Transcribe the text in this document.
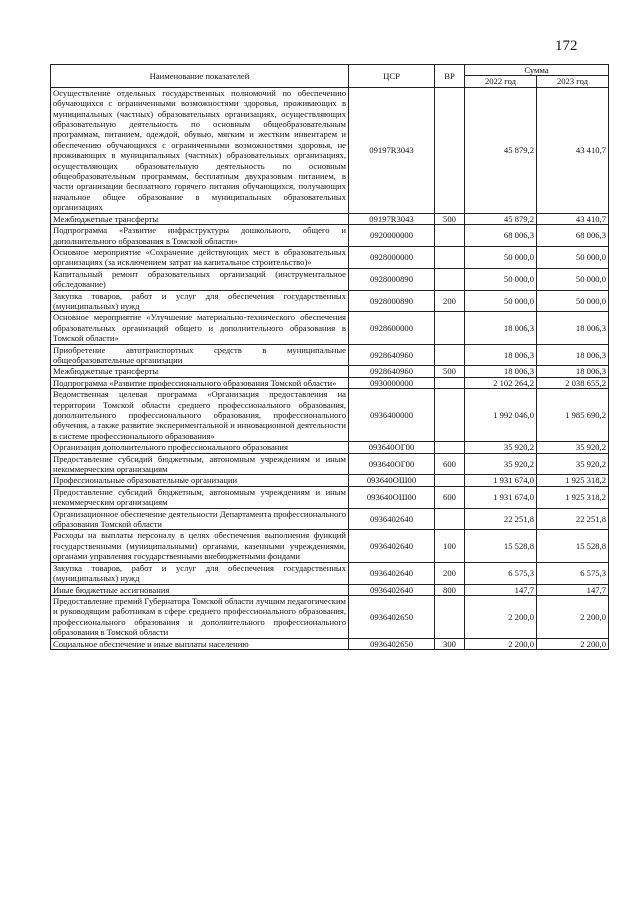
172
Наименование показателей	ЦСР	ВР	Сумма	
			2022 год	2023 год
Осуществление отдельных государственных полномочий по обеспечению обучающихся с ограниченными возможностями здоровья, проживающих в муниципальных (частных) образовательных организациях, осуществляющих образовательную деятельность по основным общеобразовательным программам, питанием, одеждой, обувью, мягким и жестким инвентарем и обеспечению обучающихся с ограниченными возможностями здоровья, не проживающих в муниципальных (частных) образовательных организациях, осуществляющих образовательную деятельность по основным общеобразовательным программам, бесплатным двухразовым питанием, в части организации бесплатного горячего питания обучающихся, получающих начальное общее образование в муниципальных образовательных организациях	09197R3043		45 879,2	43 410,7
Межбюджетные трансферты	09197R3043	500	45 879,2	43 410,7
Подпрограмма «Развитие инфраструктуры дошкольного, общего и дополнительного образования в Томской области»	0920000000		68 006,3	68 006,3
Основное мероприятие «Сохранение действующих мест в образовательных организациях (за исключением затрат на капитальное строительство)»	0928000000		50 000,0	50 000,0
Капитальный ремонт образовательных организаций (инструментальное обследование)	0928000890		50 000,0	50 000,0
Закупка товаров, работ и услуг для обеспечения государственных (муниципальных) нужд	0928000890	200	50 000,0	50 000,0
Основное мероприятие «Улучшение материально-технического обеспечения образовательных организаций общего и дополнительного образования в Томской области»	0928600000		18 006,3	18 006,3
Приобретение автотранспортных средств в муниципальные общеобразовательные организации	0928640960		18 006,3	18 006,3
Межбюджетные трансферты	0928640960	500	18 006,3	18 006,3
Подпрограмма «Развитие профессионального образования Томской области»	0930000000		2 102 264,2	2 038 655,2
Ведомственная целевая программа «Организация предоставления на территории Томской области среднего профессионального образования, дополнительного профессионального образования, профессионального обучения, а также развитие экспериментальной и инновационной деятельности в системе профессионального образования»	0936400000		1 992 046,0	1 985 690,2
Организация дополнительного профессионального образования	093640ОГ00		35 920,2	35 920,2
Предоставление субсидий бюджетным, автономным учреждениям и иным некоммерческим организациям	093640ОГ00	600	35 920,2	35 920,2
Профессиональные образовательные организации	093640ОШ00		1 931 674,0	1 925 318,2
Предоставление субсидий бюджетным, автономным учреждениям и иным некоммерческим организациям	093640ОШ00	600	1 931 674,0	1 925 318,2
Организационное обеспечение деятельности Департамента профессионального образования Томской области	0936402640		22 251,8	22 251,8
Расходы на выплаты персоналу в целях обеспечения выполнения функций государственными (муниципальными) органами, казенными учреждениями, органами управления государственными внебюджетными фондами	0936402640	100	15 528,8	15 528,8
Закупка товаров, работ и услуг для обеспечения государственных (муниципальных) нужд	0936402640	200	6 575,3	6 575,3
Иные бюджетные ассигнования	0936402640	800	147,7	147,7
Предоставление премий Губернатора Томской области лучшим педагогическим и руководящим работникам в сфере среднего профессионального образования, профессионального образования и дополнительного профессионального образования в Томской области	0936402650		2 200,0	2 200,0
Социальное обеспечение и иные выплаты населению	0936402650	300	2 200,0	2 200,0
